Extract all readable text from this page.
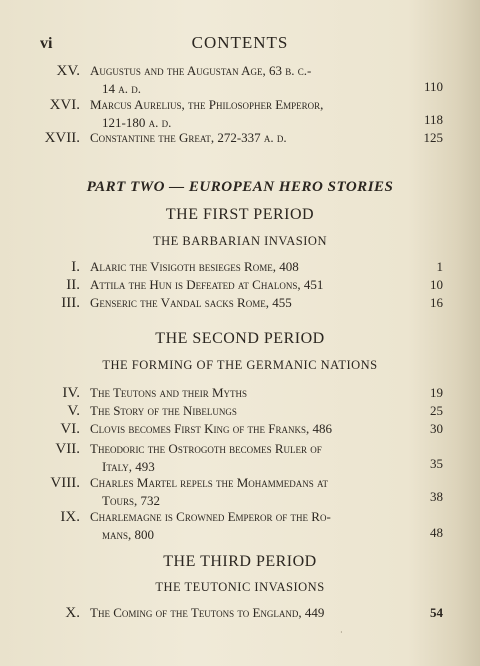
vi	CONTENTS
XV. Augustus and the Augustan Age, 63 b. c.-
14 a. d.	110
XVI. Marcus Aurelius, the Philosopher Emperor,
121-180 a. d.	118
XVII. Constantine the Great, 272-337 a. d.	125
PART TWO — EUROPEAN HERO STORIES
THE FIRST PERIOD
THE BARBARIAN INVASION
I. Alaric the Visigoth besieges Rome, 408	1
II. Attila the Hun is Defeated at Chalons, 451	10
III. Genseric the Vandal sacks Rome, 455	16
THE SECOND PERIOD
THE FORMING OF THE GERMANIC NATIONS
IV. The Teutons and their Myths	19
V. The Story of the Nibelungs	25
VI. Clovis becomes First King of the Franks, 486	30
VII. Theodoric the Ostrogoth becomes Ruler of
Italy, 493	35
VIII. Charles Martel repels the Mohammedans at
Tours, 732	38
IX. Charlemagne is Crowned Emperor of the Ro-
mans, 800	48
THE THIRD PERIOD
THE TEUTONIC INVASIONS
X. The Coming of the Teutons to England, 449	54
·
